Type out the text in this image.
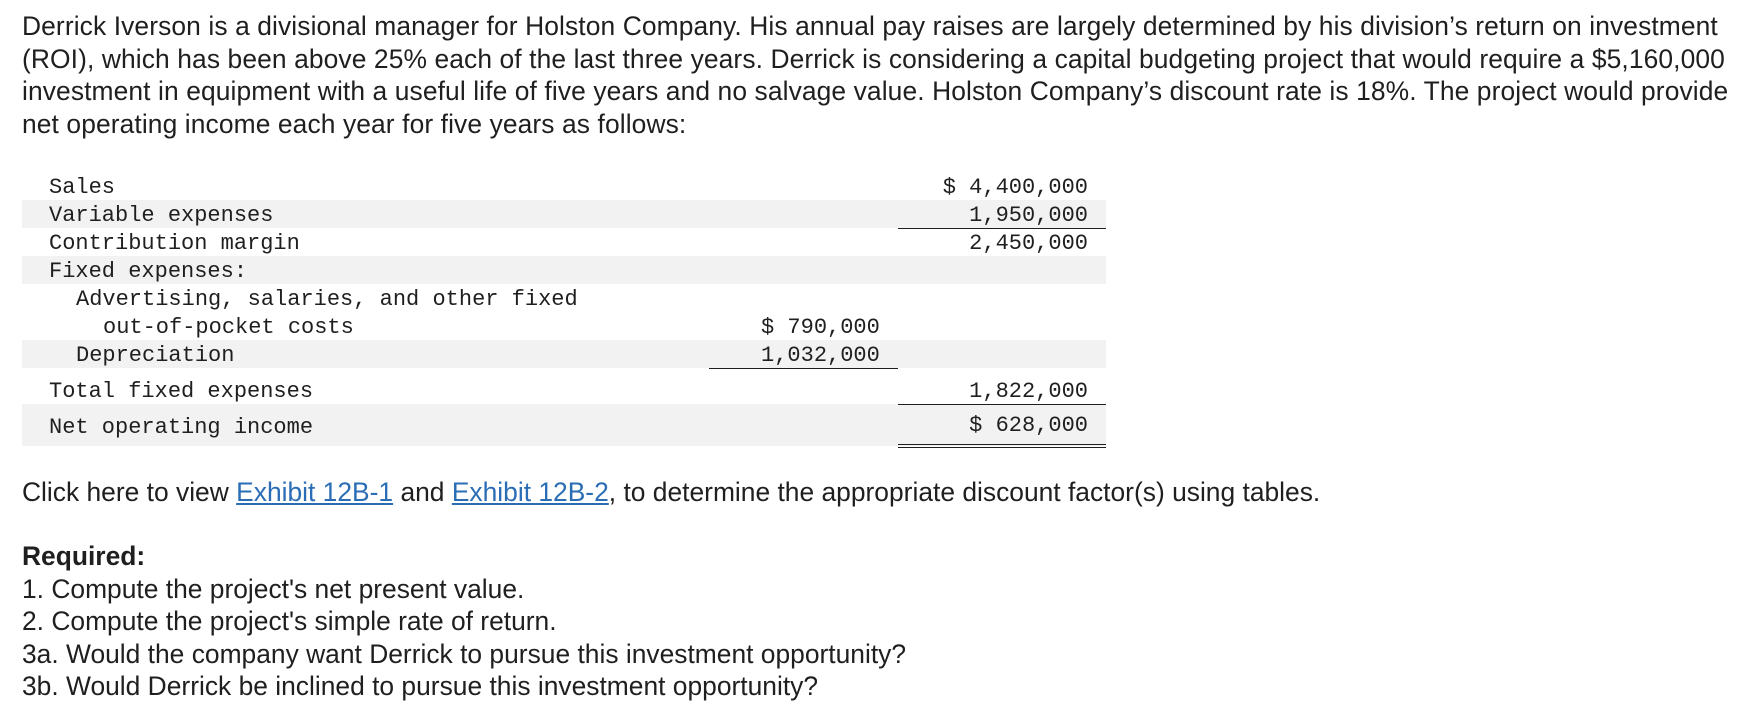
Derrick Iverson is a divisional manager for Holston Company. His annual pay raises are largely determined by his division’s return on investment (ROI), which has been above 25% each of the last three years. Derrick is considering a capital budgeting project that would require a $5,160,000 investment in equipment with a useful life of five years and no salvage value. Holston Company’s discount rate is 18%. The project would provide net operating income each year for five years as follows:

Sales			$ 4,400,000
Variable expenses			1,950,000
Contribution margin			2,450,000
Fixed expenses:			
Advertising, salaries, and other fixed			
out-of-pocket costs		$ 790,000	
Depreciation		1,032,000	
Total fixed expenses			1,822,000
Net operating income			$ 628,000

Click here to view Exhibit 12B-1 and Exhibit 12B-2, to determine the appropriate discount factor(s) using tables.

Required:
1. Compute the project's net present value.
2. Compute the project's simple rate of return.
3a. Would the company want Derrick to pursue this investment opportunity?
3b. Would Derrick be inclined to pursue this investment opportunity?
